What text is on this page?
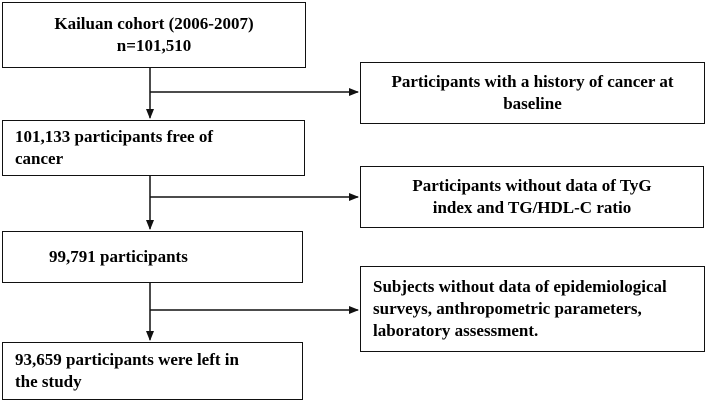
Kailuan cohort (2006-2007)
n=101,510
101,133 participants free of
cancer
99,791 participants
93,659 participants were left in
the study
Participants with a history of cancer at
baseline
Participants without data of TyG
index and TG/HDL-C ratio
Subjects without data of epidemiological
surveys, anthropometric parameters,
laboratory assessment.
